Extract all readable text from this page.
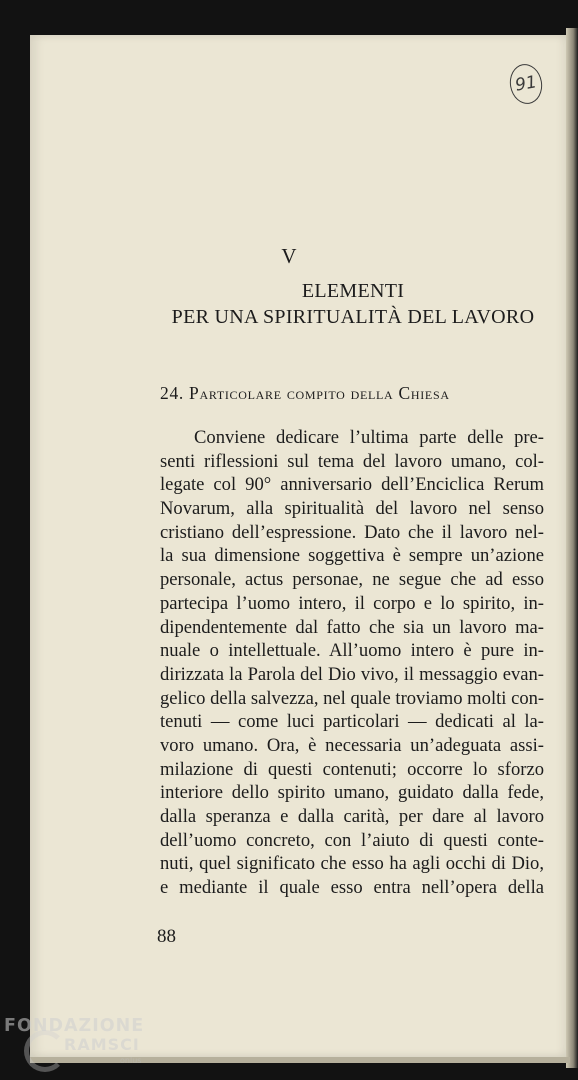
91
V
ELEMENTI
PER UNA SPIRITUALITÀ DEL LAVORO
24. Particolare compito della Chiesa
Conviene dedicare l’ultima parte delle pre-
senti riflessioni sul tema del lavoro umano, col-
legate col 90° anniversario dell’Enciclica Rerum
Novarum, alla spiritualità del lavoro nel senso
cristiano dell’espressione. Dato che il lavoro nel-
la sua dimensione soggettiva è sempre un’azione
personale, actus personae, ne segue che ad esso
partecipa l’uomo intero, il corpo e lo spirito, in-
dipendentemente dal fatto che sia un lavoro ma-
nuale o intellettuale. All’uomo intero è pure in-
dirizzata la Parola del Dio vivo, il messaggio evan-
gelico della salvezza, nel quale troviamo molti con-
tenuti — come luci particolari — dedicati al la-
voro umano. Ora, è necessaria un’adeguata assi-
milazione di questi contenuti; occorre lo sforzo
interiore dello spirito umano, guidato dalla fede,
dalla speranza e dalla carità, per dare al lavoro
dell’uomo concreto, con l’aiuto di questi conte-
nuti, quel significato che esso ha agli occhi di Dio,
e mediante il quale esso entra nell’opera della
88
FONDAZIONE
RAMSCI
onlus
